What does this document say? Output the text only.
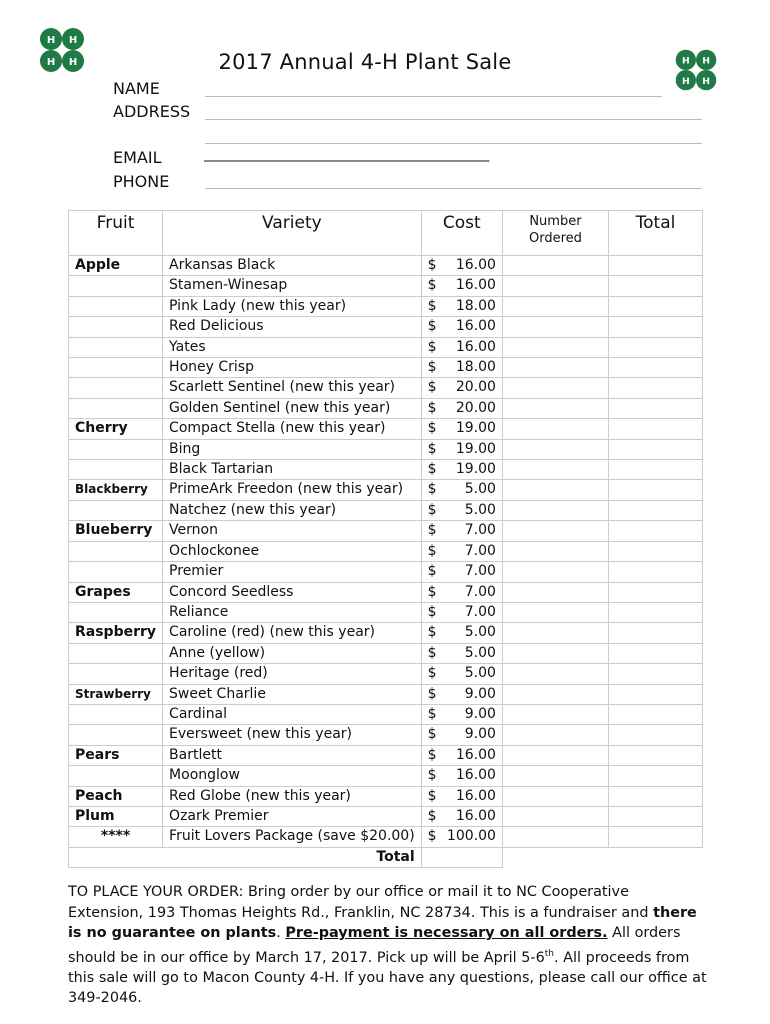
H H
H H	H H
H H
2017 Annual 4-H Plant Sale
NAME
ADDRESS
EMAIL	_________________________________________________
PHONE
Fruit	Variety	Cost	Number Ordered	Total
Apple	Arkansas Black	$ 16.00		

	Stamen-Winesap	$ 16.00		

	Pink Lady (new this year)	$ 18.00		

	Red Delicious	$ 16.00		

	Yates	$ 16.00		

	Honey Crisp	$ 18.00		

	Scarlett Sentinel (new this year)	$ 20.00		

	Golden Sentinel (new this year)	$ 20.00		

Cherry	Compact Stella (new this year)	$ 19.00		

	Bing	$ 19.00		

	Black Tartarian	$ 19.00		

Blackberry	PrimeArk Freedon (new this year)	$ 5.00		

	Natchez (new this year)	$ 5.00		

Blueberry	Vernon	$ 7.00		

	Ochlockonee	$ 7.00		

	Premier	$ 7.00		

Grapes	Concord Seedless	$ 7.00		

	Reliance	$ 7.00		

Raspberry	Caroline (red) (new this year)	$ 5.00		

	Anne (yellow)	$ 5.00		

	Heritage (red)	$ 5.00		

Strawberry	Sweet Charlie	$ 9.00		

	Cardinal	$ 9.00		

	Eversweet (new this year)	$ 9.00		

Pears	Bartlett	$ 16.00		

	Moonglow	$ 16.00		

Peach	Red Globe (new this year)	$ 16.00		

Plum	Ozark Premier	$ 16.00		

****	Fruit Lovers Package (save $20.00)	$ 100.00		

Total				
TO PLACE YOUR ORDER: Bring order by our office or mail it to NC Cooperative Extension, 193 Thomas Heights Rd., Franklin, NC 28734. This is a fundraiser and there is no guarantee on plants. Pre-payment is necessary on all orders. All orders should be in our office by March 17, 2017. Pick up will be April 5-6th. All proceeds from this sale will go to Macon County 4-H. If you have any questions, please call our office at 349-2046.
